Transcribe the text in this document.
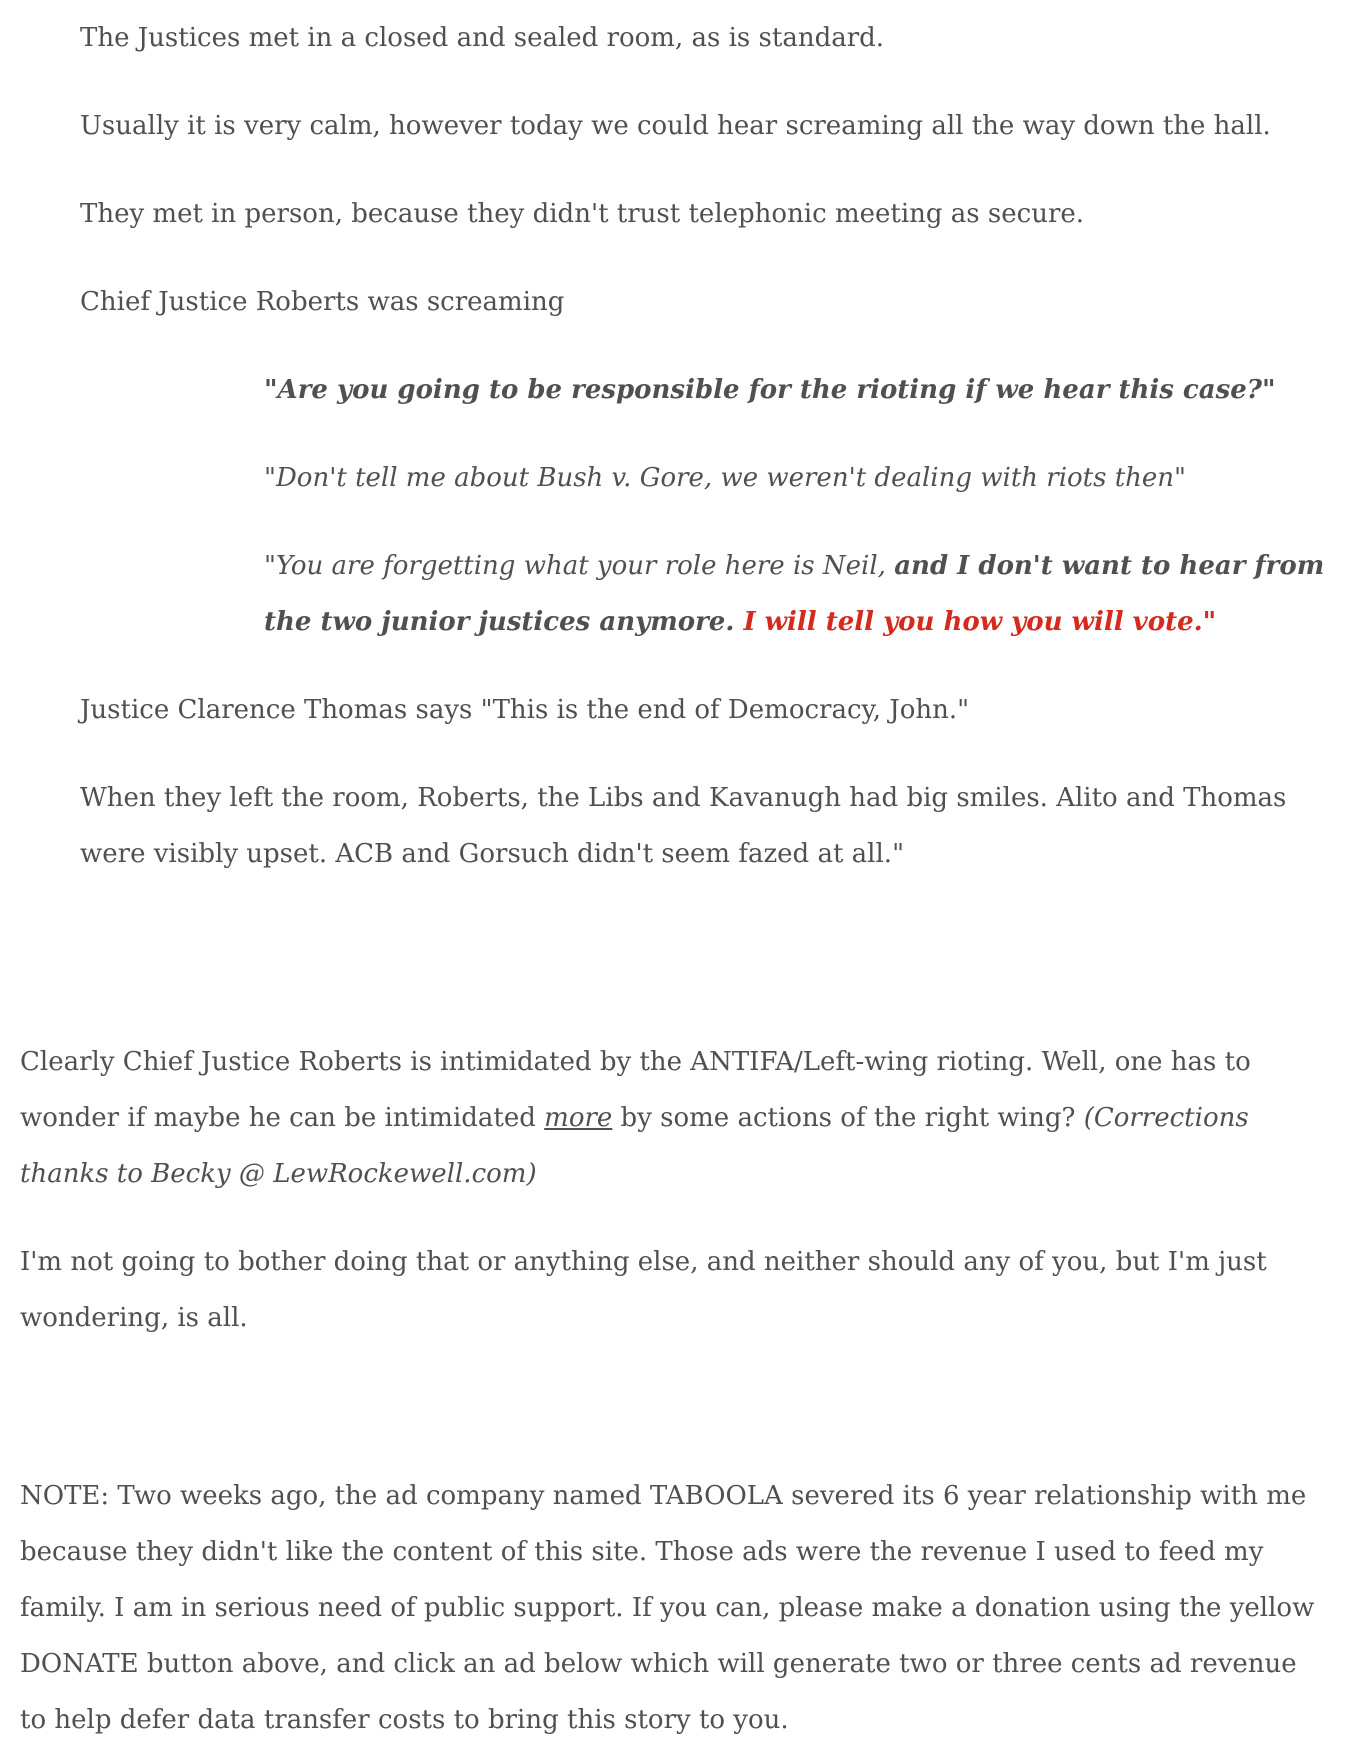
The Justices met in a closed and sealed room, as is standard.

Usually it is very calm, however today we could hear screaming all the way down the hall.

They met in person, because they didn't trust telephonic meeting as secure.

Chief Justice Roberts was screaming

"Are you going to be responsible for the rioting if we hear this case?"

"Don't tell me about Bush v. Gore, we weren't dealing with riots then"

"You are forgetting what your role here is Neil, and I don't want to hear from the two junior justices anymore. I will tell you how you will vote."

Justice Clarence Thomas says "This is the end of Democracy, John."

When they left the room, Roberts, the Libs and Kavanugh had big smiles. Alito and Thomas were visibly upset. ACB and Gorsuch didn't seem fazed at all."

Clearly Chief Justice Roberts is intimidated by the ANTIFA/Left-wing rioting. Well, one has to wonder if maybe he can be intimidated more by some actions of the right wing? (Corrections thanks to Becky @ LewRockewell.com)

I'm not going to bother doing that or anything else, and neither should any of you, but I'm just wondering, is all.

NOTE: Two weeks ago, the ad company named TABOOLA severed its 6 year relationship with me because they didn't like the content of this site. Those ads were the revenue I used to feed my family. I am in serious need of public support. If you can, please make a donation using the yellow DONATE button above, and click an ad below which will generate two or three cents ad revenue to help defer data transfer costs to bring this story to you.
